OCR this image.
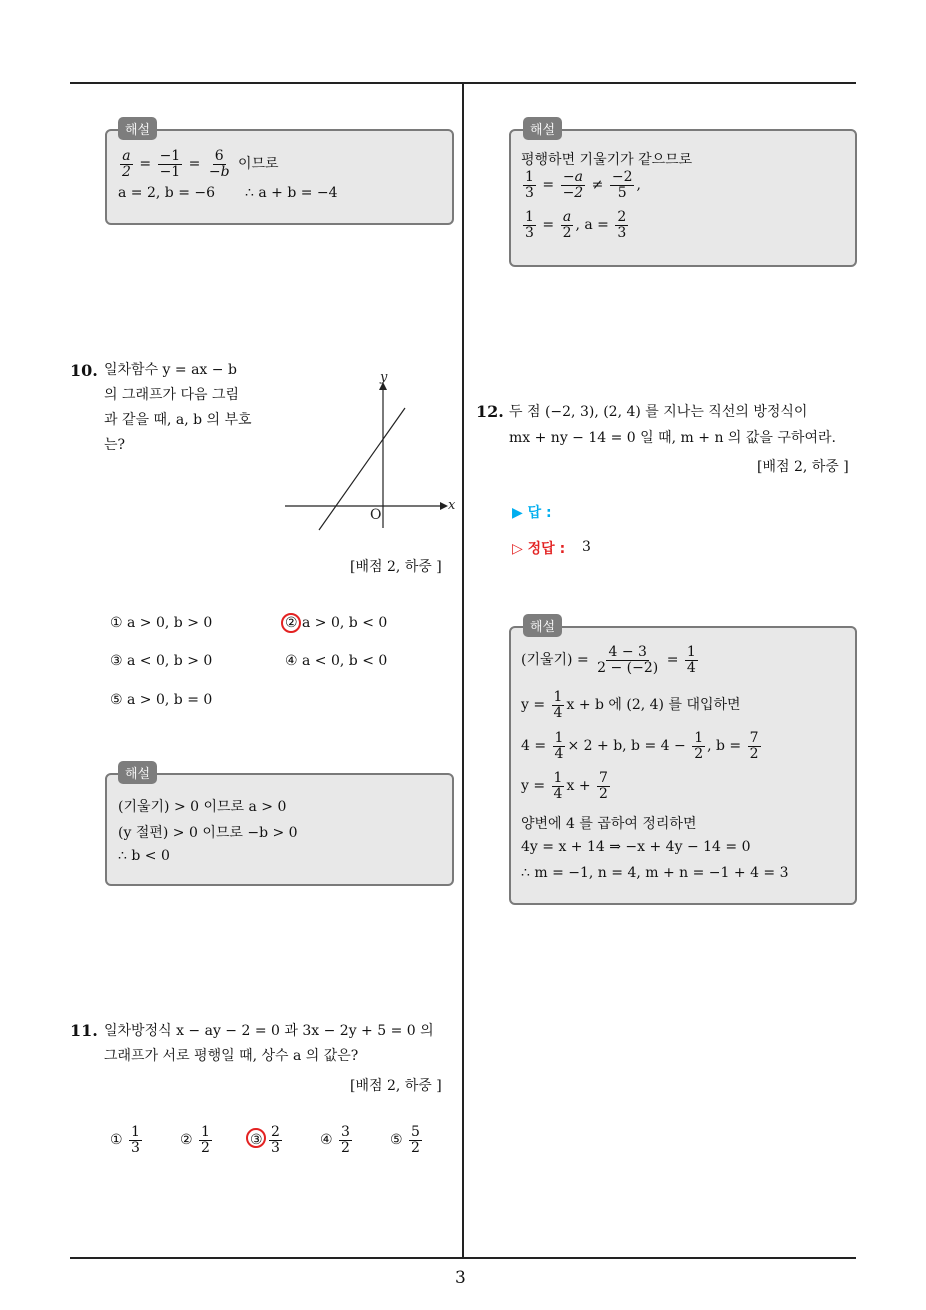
3
해설
$\frac{a}{2} = \frac{-1}{-1} = \frac{6}{-b}$ 이므로
a = 2, b = −6 ∴ a + b = −4
해설
평행하면 기울기가 같으므로
$\frac{1}{3} = \frac{-a}{-2} \ne \frac{-2}{5}$ ,
$\frac{1}{3} = \frac{a}{2}$ , $a = \frac{2}{3}$
10. 일차함수 y = ax − b
의 그래프가 다음 그림
과 같을 때, a, b 의 부호
는?
x
y
O
[배점 2, 하중 ]
① a > 0, b > 0	② a > 0, b < 0
③ a < 0, b > 0	④ a < 0, b < 0
⑤ a > 0, b = 0
해설
(기울기) > 0 이므로 a > 0
(y 절편) > 0 이므로 −b > 0
∴ b < 0
11. 일차방정식 x − ay − 2 = 0 과 3x − 2y + 5 = 0 의
그래프가 서로 평행일 때, 상수 a 의 값은?
[배점 2, 하중 ]
① $\frac{1}{3}$	② $\frac{1}{2}$	③ $\frac{2}{3}$	④ $\frac{3}{2}$	⑤ $\frac{5}{2}$
12. 두 점 (−2, 3), (2, 4) 를 지나는 직선의 방정식이
mx + ny − 14 = 0 일 때, m + n 의 값을 구하여라.
[배점 2, 하중 ]
▶ 답 :
▷ 정답 : 3
해설
(기울기) = $\frac{4 - 3}{2 - (-2)} = \frac{1}{4}$
$y = \frac{1}{4}$ x + b 에 (2, 4) 를 대입하면
$4 = \frac{1}{4} \times 2 + b$, $b = 4 - \frac{1}{2}$ , $b = \frac{7}{2}$
$y = \frac{1}{4}$ $x + \frac{7}{2}$
양변에 4 를 곱하여 정리하면
4y = x + 14 ⇒ −x + 4y − 14 = 0
∴ m = −1, n = 4, m + n = −1 + 4 = 3
